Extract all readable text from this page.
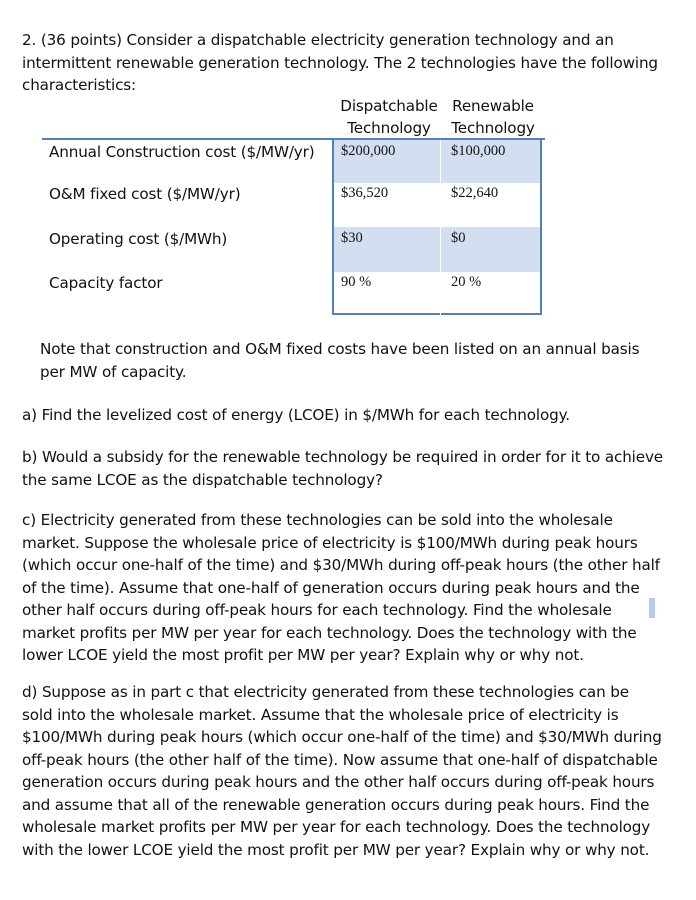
2. (36 points) Consider a dispatchable electricity generation technology and an intermittent renewable generation technology. The 2 technologies have the following characteristics:
Dispatchable Technology
Renewable Technology
Annual Construction cost ($/MW/yr) $200,000	$100,000
O&M fixed cost ($/MW/yr)	$36,520	$22,640
Operating cost ($/MWh)	$30	$0
Capacity factor	90 %	20 %
Note that construction and O&M fixed costs have been listed on an annual basis per MW of capacity.
a) Find the levelized cost of energy (LCOE) in $/MWh for each technology.
b) Would a subsidy for the renewable technology be required in order for it to achieve the same LCOE as the dispatchable technology?
c) Electricity generated from these technologies can be sold into the wholesale market. Suppose the wholesale price of electricity is $100/MWh during peak hours (which occur one-half of the time) and $30/MWh during off-peak hours (the other half of the time). Assume that one-half of generation occurs during peak hours and the other half occurs during off-peak hours for each technology. Find the wholesale market profits per MW per year for each technology. Does the technology with the lower LCOE yield the most profit per MW per year? Explain why or why not.
d) Suppose as in part c that electricity generated from these technologies can be sold into the wholesale market. Assume that the wholesale price of electricity is $100/MWh during peak hours (which occur one-half of the time) and $30/MWh during off-peak hours (the other half of the time). Now assume that one-half of dispatchable generation occurs during peak hours and the other half occurs during off-peak hours and assume that all of the renewable generation occurs during peak hours. Find the wholesale market profits per MW per year for each technology. Does the technology with the lower LCOE yield the most profit per MW per year? Explain why or why not.
